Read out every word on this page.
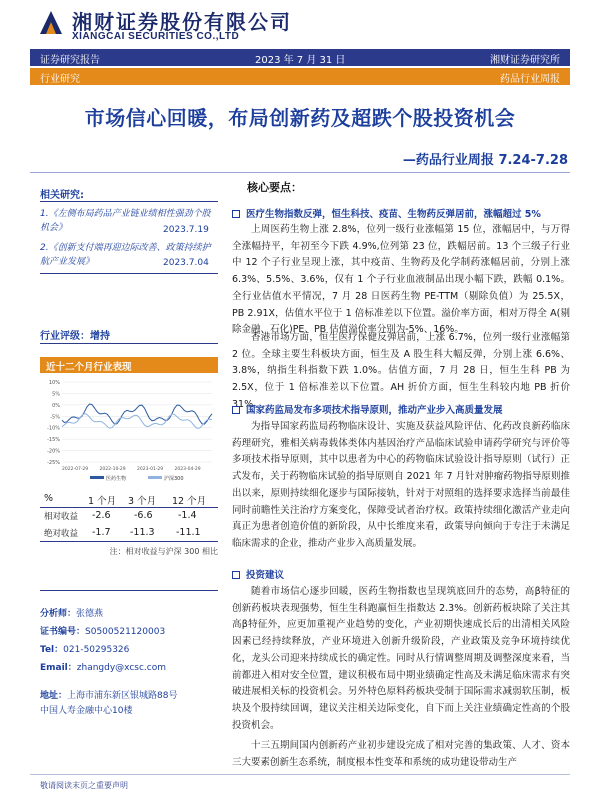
湘财证券股份有限公司
XIANGCAI SECURITIES CO.,LTD
证券研究报告	2023 年 7 月 31 日	湘财证券研究所
行业研究	药品行业周报
市场信心回暖，布局创新药及超跌个股投资机会
—药品行业周报 7.24-7.28
相关研究:
1.《左侧布局药品产业链业绩相性强劲个股机会》	2023.7.19
2.《创新支付端再迎边际改善、政策持续护航产业发展》	2023.7.04
行业评级：增持
近十二个月行业表现
10%
5%
0%
-5%
-10%
-15%
-20%
-25%
2022-07-29	2022-10-29	2023-01-29	2023-04-29
医药生物	沪深300
%	1 个月 3 个月 12 个月
相对收益 -2.6 -6.6	-1.4
绝对收益 -1.7 -11.3 -11.1
注：相对收益与沪深 300 相比
分析师：张德燕
证书编号：S0500521120003
Tel：021-50295326
Email：zhangdy@xcsc.com
地址：上海市浦东新区银城路88号
中国人寿金融中心10楼
核心要点：
医疗生物指数反弹，恒生科技、疫苗、生物药反弹居前，涨幅超过 5%
上周医药生物上涨 2.8%，位列一级行业涨幅第 15 位，涨幅居中，与万得全涨幅持平，年初至今下跌 4.9%,位列第 23 位，跌幅居前。13 个三级子行业中 12 个子行业呈现上涨，其中疫苗、生物药及化学制药涨幅居前，分别上涨 6.3%、5.5%、3.6%，仅有 1 个子行业血液制品出现小幅下跌，跌幅 0.1%。全行业估值水平情况，7 月 28 日医药生物 PE-TTM（剔除负值）为 25.5X， PB 2.91X，估值水平位于 1 倍标准差以下位置。溢价率方面，相对万得全 A(剔除金融、石化)PE、PB 估值溢价率分别为-5%、16%。
香港市场方面，恒生医疗保健反弹居前，上涨 6.7%，位列一级行业涨幅第 2 位。全球主要生科板块方面，恒生及 A 股生科大幅反弹，分别上涨 6.6%、3.8%，纳指生科指数下跌 1.0%。估值方面，7 月 28 日，恒生生科 PB 为 2.5X，位于 1 倍标准差以下位置。AH 折价方面，恒生生科较内地 PB 折价 31%。
国家药监局发布多项技术指导原则，推动产业步入高质量发展
为指导国家药监局药物临床设计、实施及获益风险评估、化药改良新药临床药理研究，雅相关病毒载体类体内基因治疗产品临床试验申请药学研究与评价等多项技术指导原则，其中以患者为中心的药物临床试验设计指导原则（试行）正式发布，关于药物临床试验的指导原则自 2021 年 7 月针对肿瘤药物指导原则推出以来，原则持续细化逐步与国际接轨，针对于对照组的选择要求选择当前最佳同时前瞻性关注治疗方案变化，保障受试者治疗权。政策持续细化激活产业走向真正为患者创造价值的新阶段，从中长维度来看，政策导向倾向于专注于未满足临床需求的企业，推动产业步入高质量发展。
投资建议
随着市场信心逐步回暖，医药生物指数也呈现筑底回升的态势，高β特征的创新药板块表现强势，恒生生科跑赢恒生指数达 2.3%。创新药板块除了关注其高β特征外，应更加重视产业趋势的变化，产业初期快速成长后的出清相关风险因素已经持续释放，产业环境进入创新升级阶段，产业政策及竞争环境持续优化，龙头公司迎来持续成长的确定性。同时从行情调整周期及调整深度来看，当前都进入相对安全位置，建议积极布局中期业绩确定性高及未满足临床需求有突破进展相关标的投资机会。另外特色原料药板块受制于国际需求减弱软压制，板块及个股持续回调，建议关注相关边际变化，自下而上关注业绩确定性高的个股投资机会。
十三五期间国内创新药产业初步建设完成了相对完善的集政策、人才、资本三大要素创新生态系统，制度根本性变革和系统的成功建设带动生产
敬请阅读末页之重要声明
